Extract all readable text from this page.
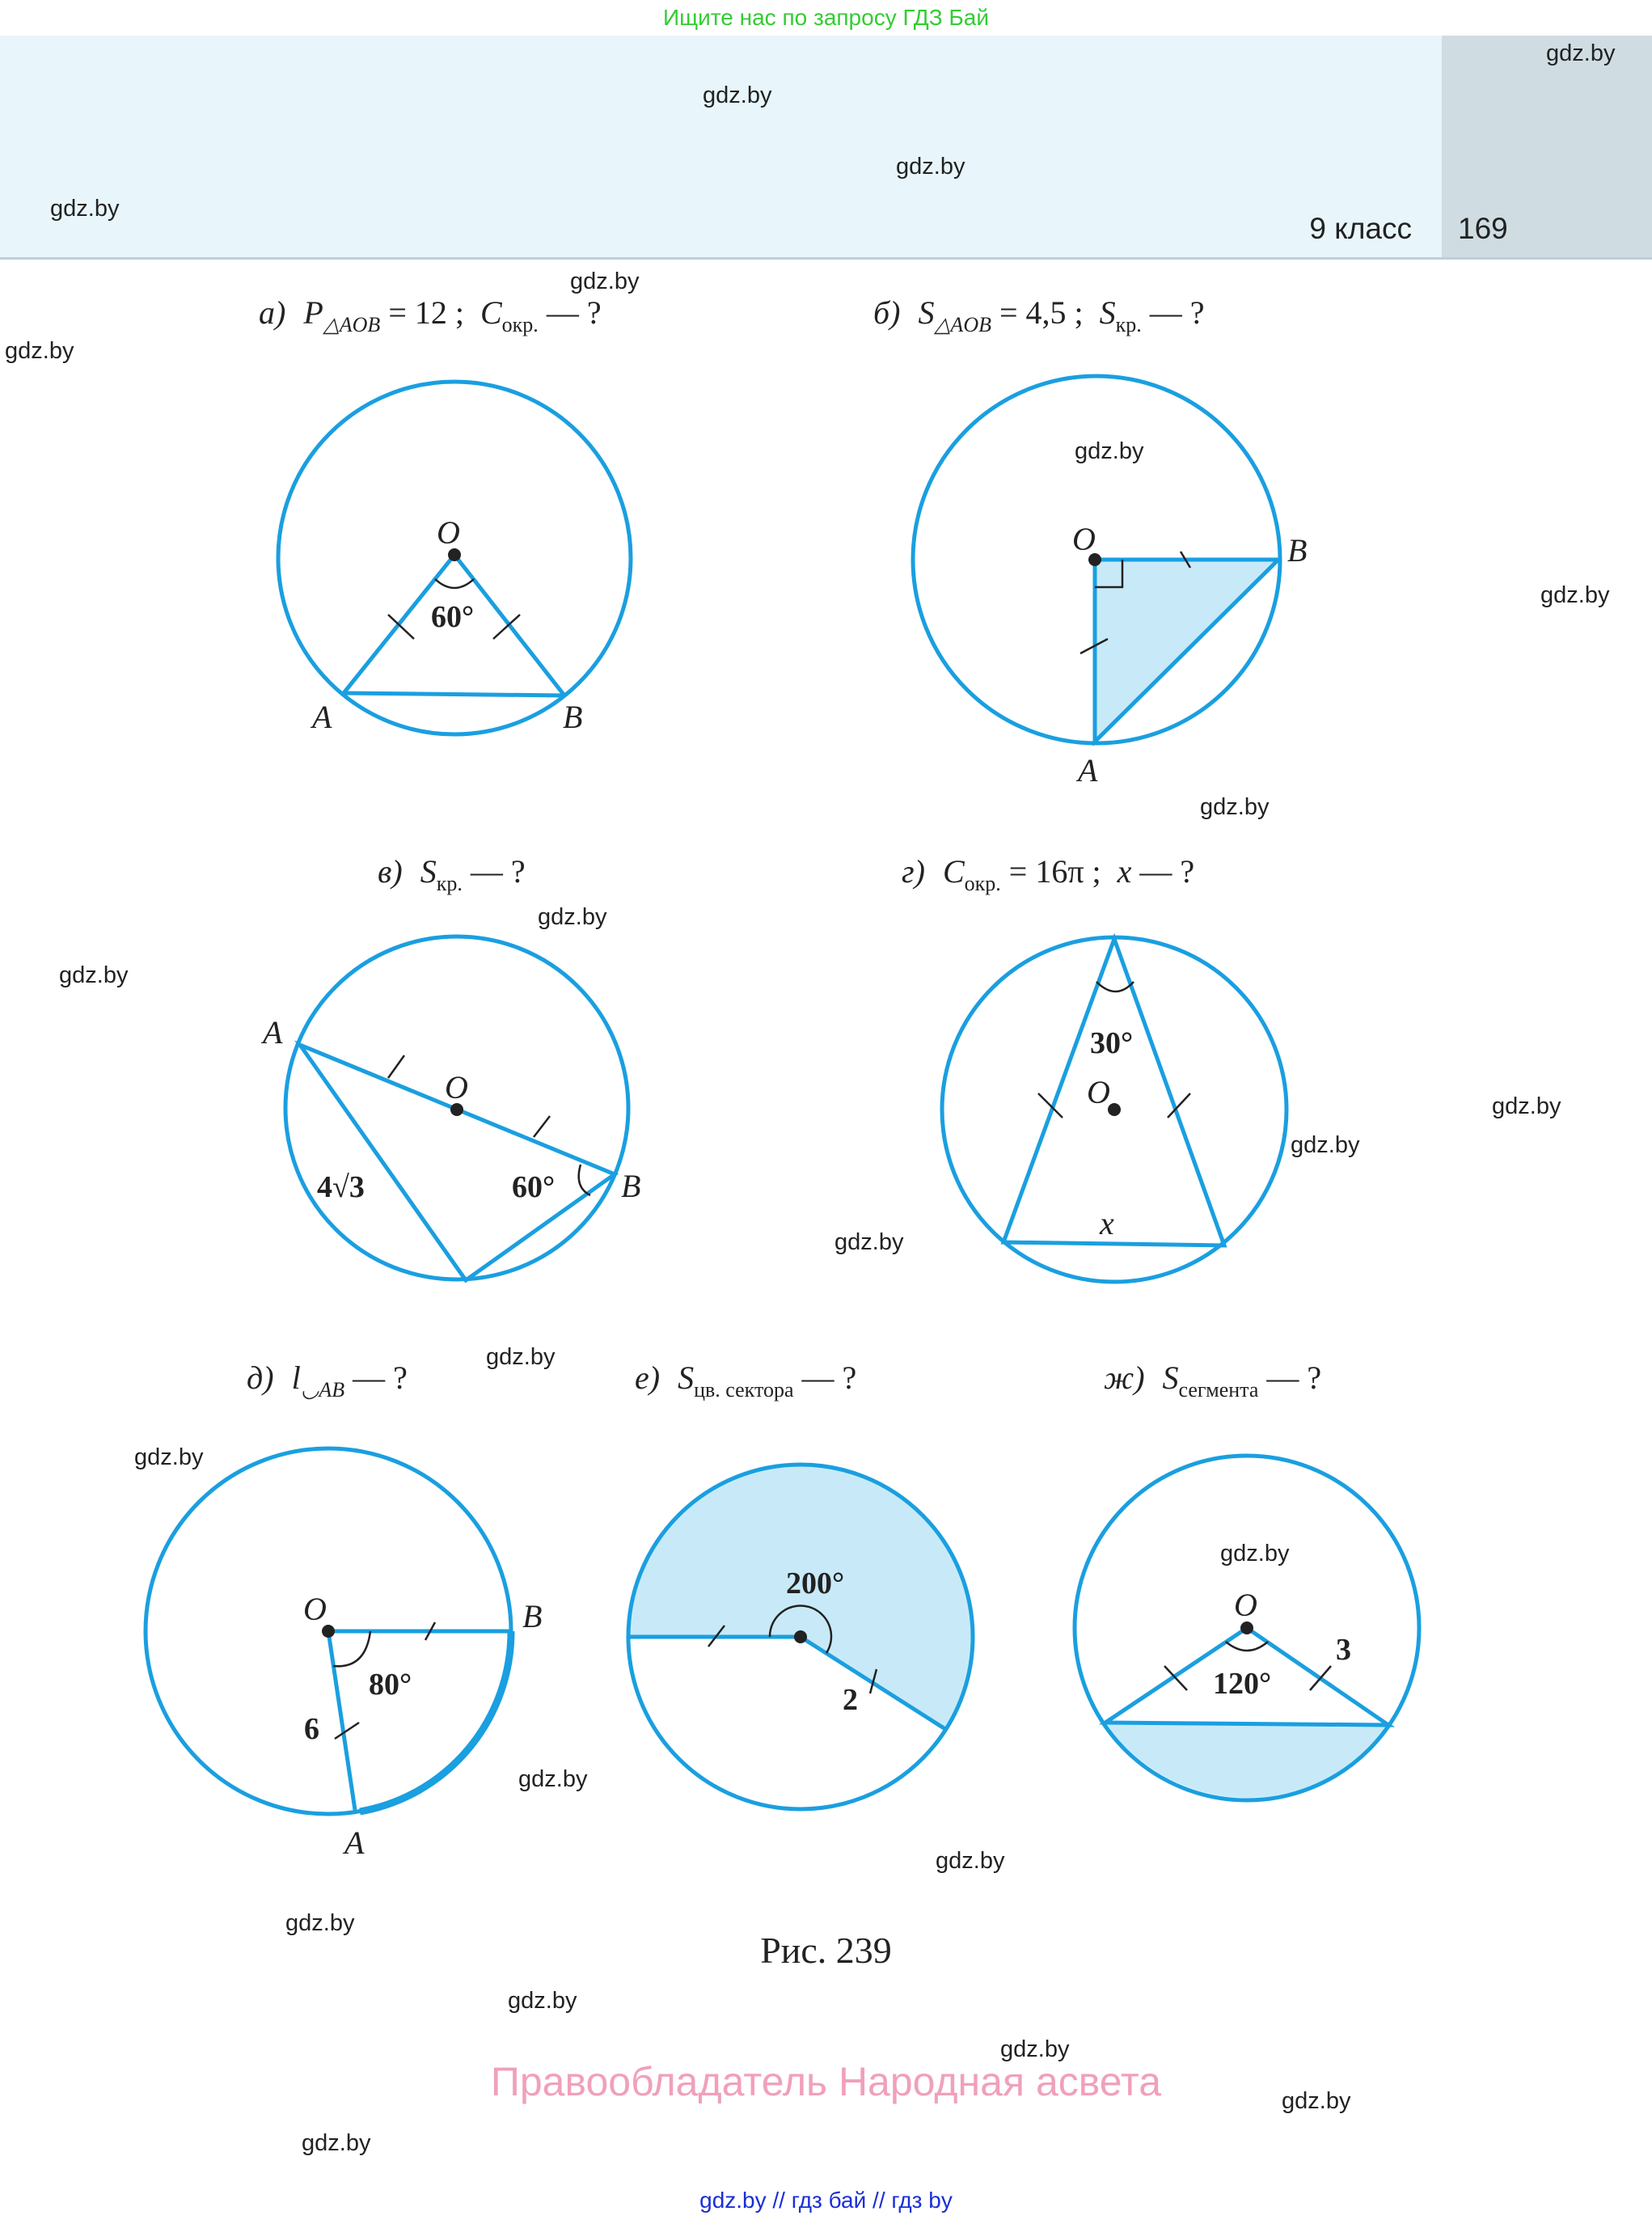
Ищите нас по запросу ГДЗ Бай
9 класс 169
gdz.by
gdz.by
gdz.by
gdz.by
gdz.by
gdz.by
gdz.by
gdz.by
gdz.by
gdz.by
gdz.by
gdz.by
gdz.by
gdz.by
gdz.by
gdz.by
gdz.by
gdz.by
gdz.by
gdz.by
gdz.by
gdz.by
gdz.by
gdz.by
а) $P_{\triangle AOB} = 12$ ; $C_{окр.}$ — ?
O
60°
A	B
б) $S_{\triangle AOB} = 4,5$ ; $S_{кр.}$ — ?
O	B
A
в) $S_{кр.}$ — ?
O
A
B
4√3	60°
г) $C_{окр.} = 16\pi$ ; x — ?
O
30°
x
д) $l_{◡AB}$ — ?
O	B
A
80°
6
е) $S_{цв. сектора}$ — ?
200°
2
ж) $S_{сегмента}$ — ?
O
120°
3
Рис. 239
Правообладатель Народная асвета
gdz.by // гдз бай // гдз by
